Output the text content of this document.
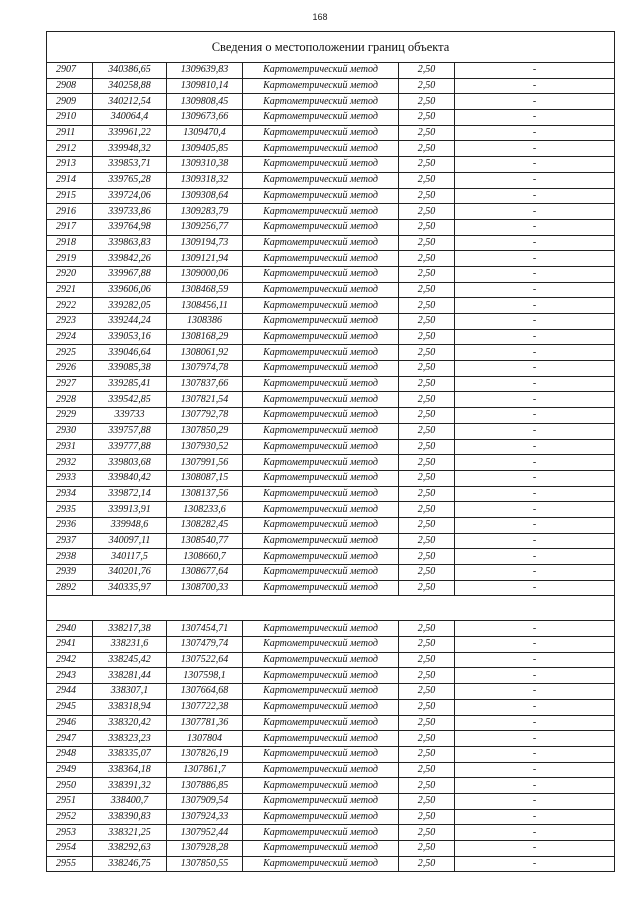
168
Сведения о местоположении границ объекта					
2907	340386,65	1309639,83	Картометрический метод	2,50	-
2908	340258,88	1309810,14	Картометрический метод	2,50	-
2909	340212,54	1309808,45	Картометрический метод	2,50	-
2910	340064,4	1309673,66	Картометрический метод	2,50	-
2911	339961,22	1309470,4	Картометрический метод	2,50	-
2912	339948,32	1309405,85	Картометрический метод	2,50	-
2913	339853,71	1309310,38	Картометрический метод	2,50	-
2914	339765,28	1309318,32	Картометрический метод	2,50	-
2915	339724,06	1309308,64	Картометрический метод	2,50	-
2916	339733,86	1309283,79	Картометрический метод	2,50	-
2917	339764,98	1309256,77	Картометрический метод	2,50	-
2918	339863,83	1309194,73	Картометрический метод	2,50	-
2919	339842,26	1309121,94	Картометрический метод	2,50	-
2920	339967,88	1309000,06	Картометрический метод	2,50	-
2921	339606,06	1308468,59	Картометрический метод	2,50	-
2922	339282,05	1308456,11	Картометрический метод	2,50	-
2923	339244,24	1308386	Картометрический метод	2,50	-
2924	339053,16	1308168,29	Картометрический метод	2,50	-
2925	339046,64	1308061,92	Картометрический метод	2,50	-
2926	339085,38	1307974,78	Картометрический метод	2,50	-
2927	339285,41	1307837,66	Картометрический метод	2,50	-
2928	339542,85	1307821,54	Картометрический метод	2,50	-
2929	339733	1307792,78	Картометрический метод	2,50	-
2930	339757,88	1307850,29	Картометрический метод	2,50	-
2931	339777,88	1307930,52	Картометрический метод	2,50	-
2932	339803,68	1307991,56	Картометрический метод	2,50	-
2933	339840,42	1308087,15	Картометрический метод	2,50	-
2934	339872,14	1308137,56	Картометрический метод	2,50	-
2935	339913,91	1308233,6	Картометрический метод	2,50	-
2936	339948,6	1308282,45	Картометрический метод	2,50	-
2937	340097,11	1308540,77	Картометрический метод	2,50	-
2938	340117,5	1308660,7	Картометрический метод	2,50	-
2939	340201,76	1308677,64	Картометрический метод	2,50	-
2892	340335,97	1308700,33	Картометрический метод	2,50	-

2940	338217,38	1307454,71	Картометрический метод	2,50	-
2941	338231,6	1307479,74	Картометрический метод	2,50	-
2942	338245,42	1307522,64	Картометрический метод	2,50	-
2943	338281,44	1307598,1	Картометрический метод	2,50	-
2944	338307,1	1307664,68	Картометрический метод	2,50	-
2945	338318,94	1307722,38	Картометрический метод	2,50	-
2946	338320,42	1307781,36	Картометрический метод	2,50	-
2947	338323,23	1307804	Картометрический метод	2,50	-
2948	338335,07	1307826,19	Картометрический метод	2,50	-
2949	338364,18	1307861,7	Картометрический метод	2,50	-
2950	338391,32	1307886,85	Картометрический метод	2,50	-
2951	338400,7	1307909,54	Картометрический метод	2,50	-
2952	338390,83	1307924,33	Картометрический метод	2,50	-
2953	338321,25	1307952,44	Картометрический метод	2,50	-
2954	338292,63	1307928,28	Картометрический метод	2,50	-
2955	338246,75	1307850,55	Картометрический метод	2,50	-
